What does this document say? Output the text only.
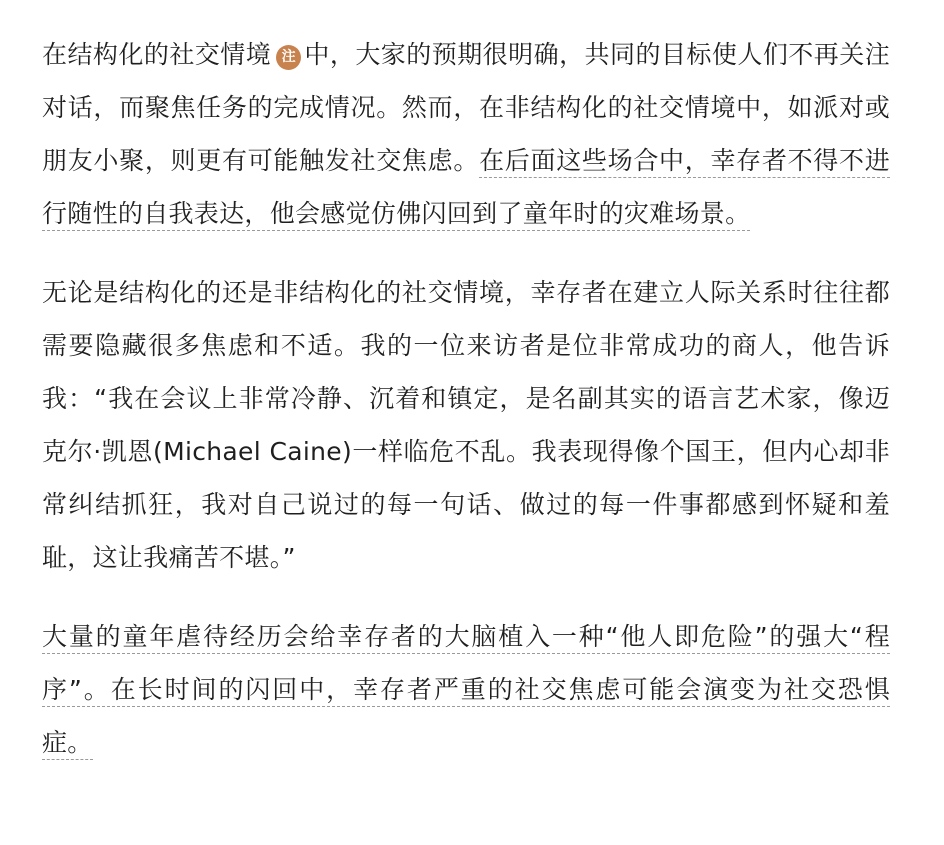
在结构化的社交情境 注 中，大家的预期很明确，共同的目标使人们不再关注对话，而聚焦任务的完成情况。然而，在非结构化的社交情境中，如派对或朋友小聚，则更有可能触发社交焦虑。在后面这些场合中，幸存者不得不进行随性的自我表达，他会感觉仿佛闪回到了童年时的灾难场景。

无论是结构化的还是非结构化的社交情境，幸存者在建立人际关系时往往都需要隐藏很多焦虑和不适。我的一位来访者是位非常成功的商人，他告诉我：“我在会议上非常冷静、沉着和镇定，是名副其实的语言艺术家，像迈克尔·凯恩(Michael Caine)一样临危不乱。我表现得像个国王，但内心却非常纠结抓狂，我对自己说过的每一句话、做过的每一件事都感到怀疑和羞耻，这让我痛苦不堪。”

大量的童年虐待经历会给幸存者的大脑植入一种“他人即危险”的强大“程序”。在长时间的闪回中，幸存者严重的社交焦虑可能会演变为社交恐惧症。
